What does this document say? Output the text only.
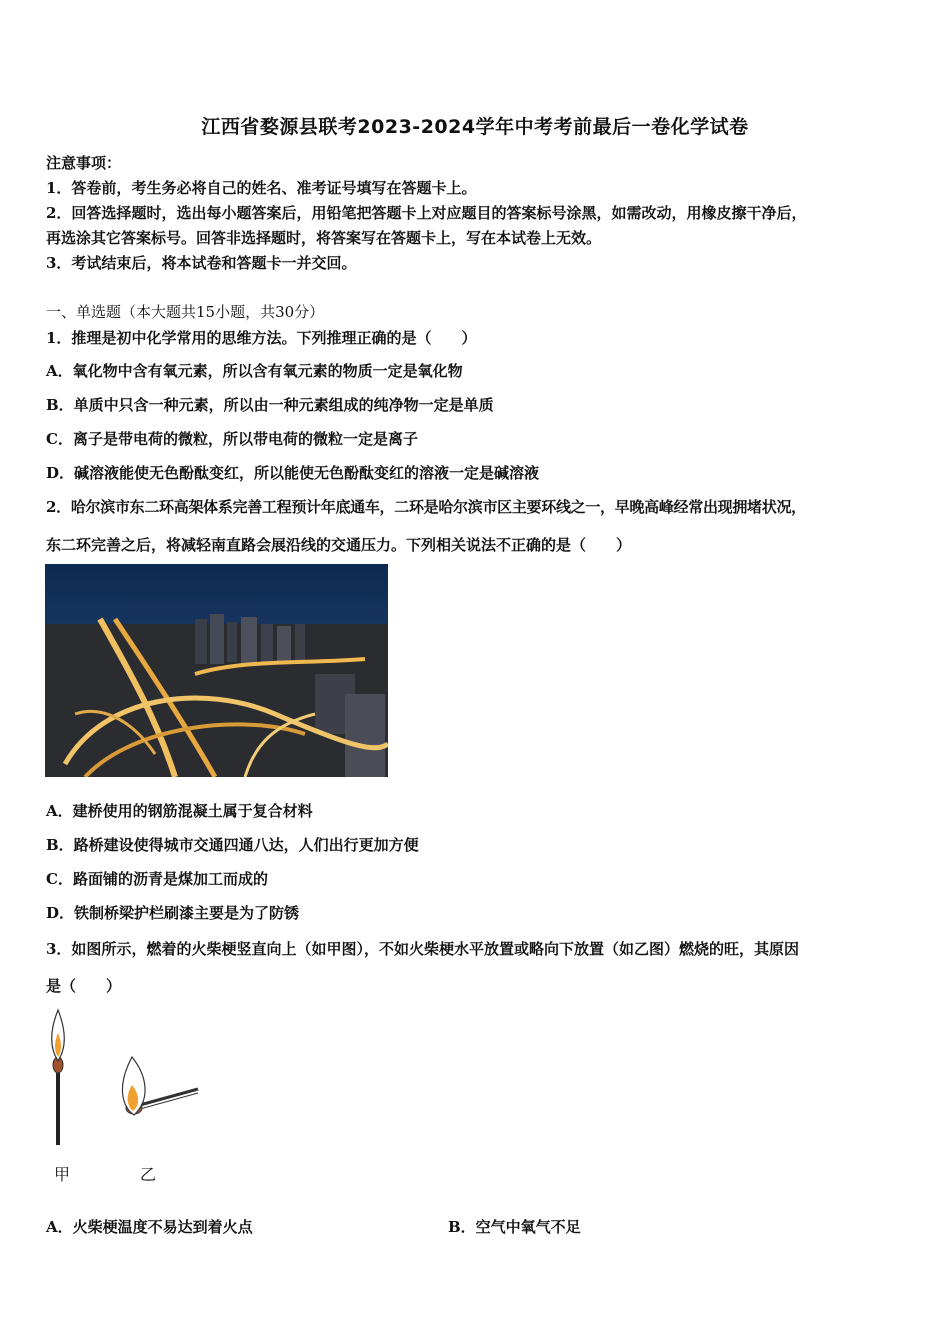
江西省婺源县联考2023-2024学年中考考前最后一卷化学试卷
注意事项：
1．答卷前，考生务必将自己的姓名、准考证号填写在答题卡上。
2．回答选择题时，选出每小题答案后，用铅笔把答题卡上对应题目的答案标号涂黑，如需改动，用橡皮擦干净后，
再选涂其它答案标号。回答非选择题时，将答案写在答题卡上，写在本试卷上无效。
3．考试结束后，将本试卷和答题卡一并交回。
一、单选题（本大题共15小题，共30分）
1．推理是初中化学常用的思维方法。下列推理正确的是（　　）
A．氧化物中含有氧元素，所以含有氧元素的物质一定是氧化物
B．单质中只含一种元素，所以由一种元素组成的纯净物一定是单质
C．离子是带电荷的微粒，所以带电荷的微粒一定是离子
D．碱溶液能使无色酚酞变红，所以能使无色酚酞变红的溶液一定是碱溶液
2．哈尔滨市东二环高架体系完善工程预计年底通车，二环是哈尔滨市区主要环线之一，早晚高峰经常出现拥堵状况，
东二环完善之后，将减轻南直路会展沿线的交通压力。下列相关说法不正确的是（　　）
A．建桥使用的钢筋混凝土属于复合材料
B．路桥建设使得城市交通四通八达，人们出行更加方便
C．路面铺的沥青是煤加工而成的
D．铁制桥梁护栏刷漆主要是为了防锈
3．如图所示，燃着的火柴梗竖直向上（如甲图），不如火柴梗水平放置或略向下放置（如乙图）燃烧的旺，其原因
是（　　）
甲	乙
A．火柴梗温度不易达到着火点	B．空气中氧气不足
